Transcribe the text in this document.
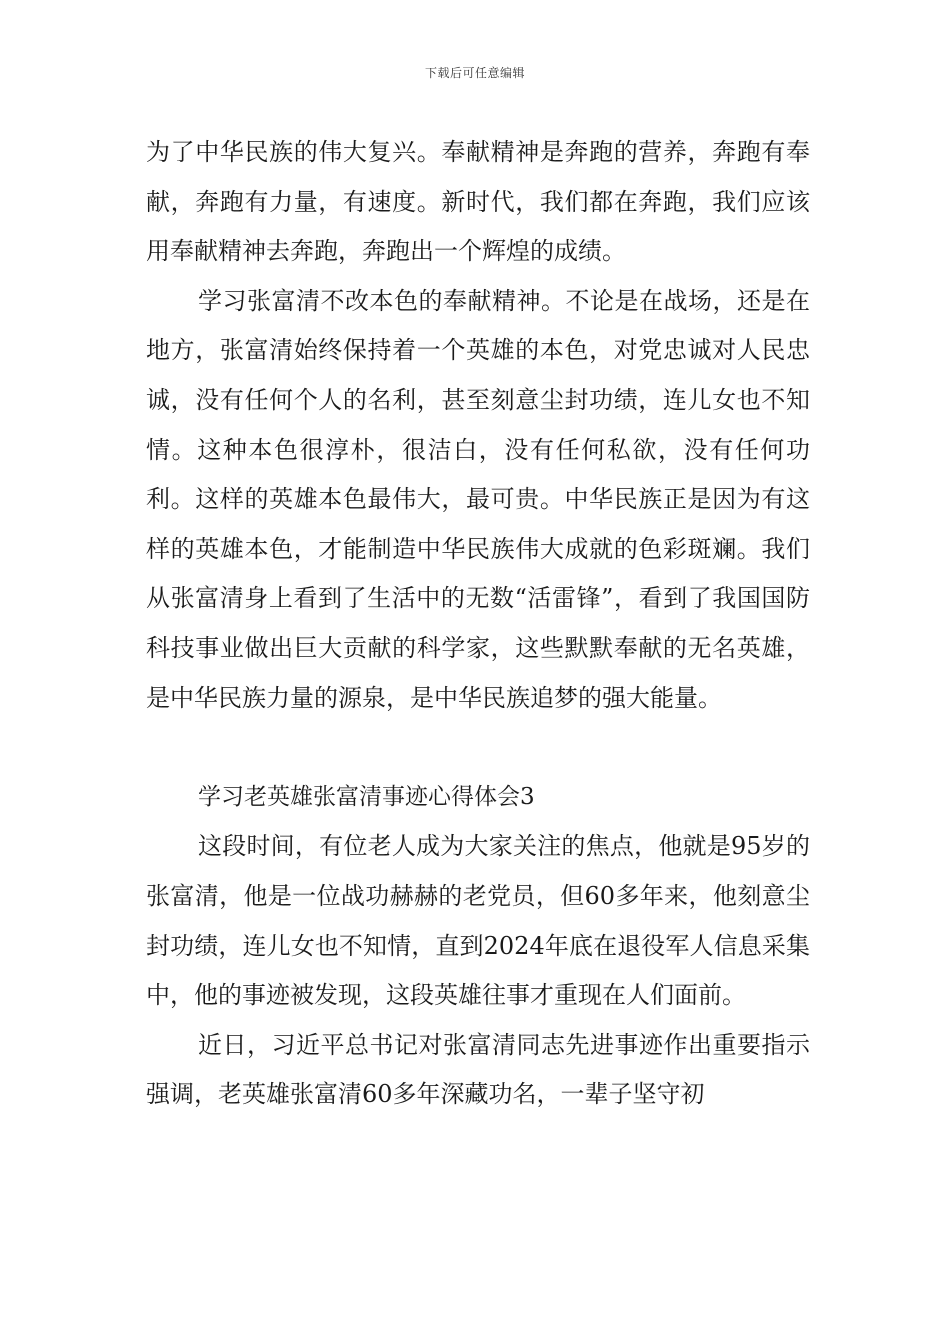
下载后可任意编辑

为了中华民族的伟大复兴。奉献精神是奔跑的营养，奔跑有奉献，奔跑有力量，有速度。新时代，我们都在奔跑，我们应该用奉献精神去奔跑，奔跑出一个辉煌的成绩。

学习张富清不改本色的奉献精神。不论是在战场，还是在地方，张富清始终保持着一个英雄的本色，对党忠诚对人民忠诚，没有任何个人的名利，甚至刻意尘封功绩，连儿女也不知情。这种本色很淳朴，很洁白，没有任何私欲，没有任何功利。这样的英雄本色最伟大，最可贵。中华民族正是因为有这样的英雄本色，才能制造中华民族伟大成就的色彩斑斓。我们从张富清身上看到了生活中的无数“活雷锋”，看到了我国国防科技事业做出巨大贡献的科学家，这些默默奉献的无名英雄，是中华民族力量的源泉，是中华民族追梦的强大能量。

学习老英雄张富清事迹心得体会3

这段时间，有位老人成为大家关注的焦点，他就是95岁的张富清，他是一位战功赫赫的老党员，但60多年来，他刻意尘封功绩，连儿女也不知情，直到2024年底在退役军人信息采集中，他的事迹被发现，这段英雄往事才重现在人们面前。

近日，习近平总书记对张富清同志先进事迹作出重要指示强调，老英雄张富清60多年深藏功名，一辈子坚守初
